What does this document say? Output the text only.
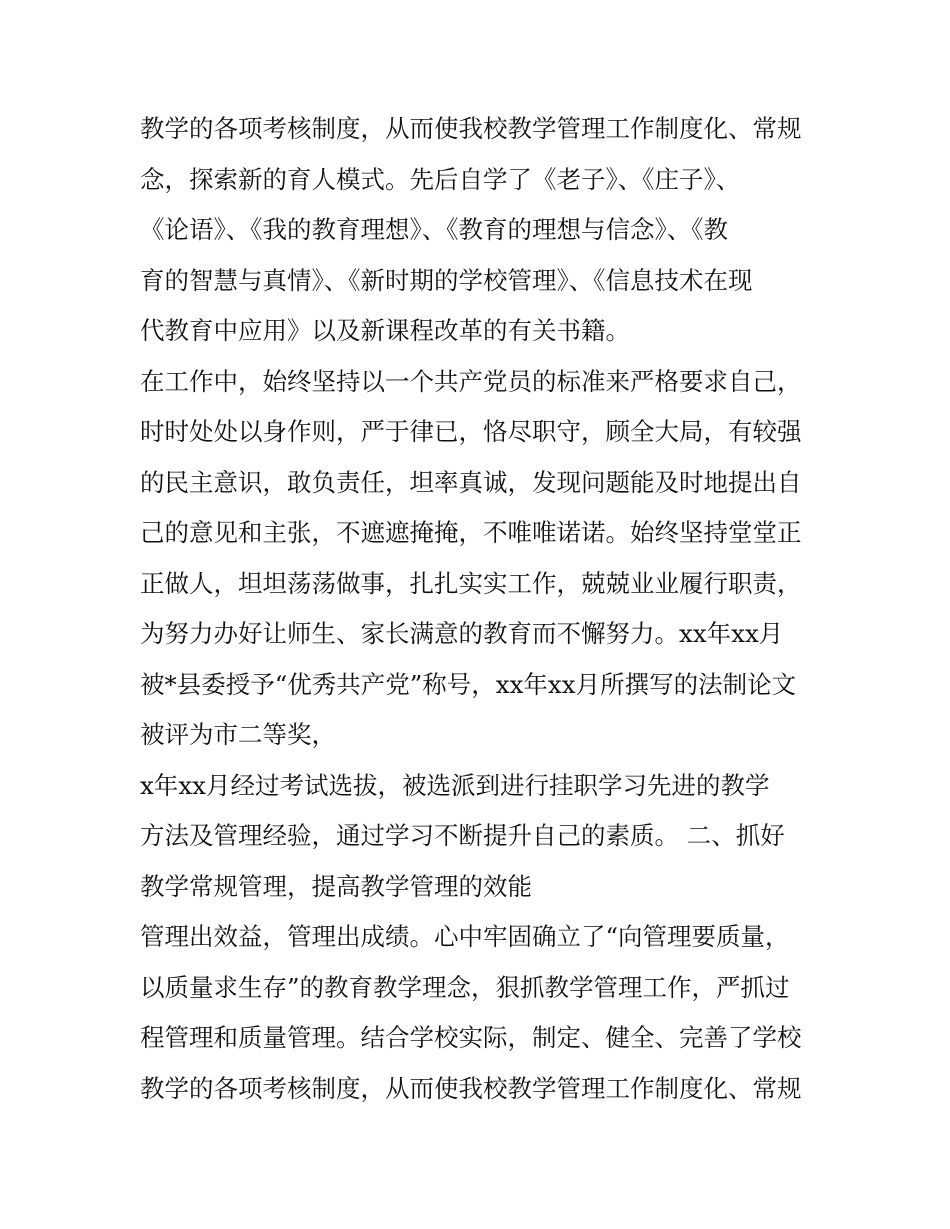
教学的各项考核制度，从而使我校教学管理工作制度化、常规
念，探索新的育人模式。先后自学了《老子》、《庄子》、
《论语》、《我的教育理想》、《教育的理想与信念》、《教
育的智慧与真情》、《新时期的学校管理》、《信息技术在现
代教育中应用》以及新课程改革的有关书籍。
在工作中，始终坚持以一个共产党员的标准来严格要求自己，
时时处处以身作则，严于律已，恪尽职守，顾全大局，有较强
的民主意识，敢负责任，坦率真诚，发现问题能及时地提出自
己的意见和主张，不遮遮掩掩，不唯唯诺诺。始终坚持堂堂正
正做人，坦坦荡荡做事，扎扎实实工作，兢兢业业履行职责，
为努力办好让师生、家长满意的教育而不懈努力。xx年xx月
被*县委授予“优秀共产党”称号，xx年xx月所撰写的法制论文
被评为市二等奖，
x年xx月经过考试选拔，被选派到进行挂职学习先进的教学
方法及管理经验，通过学习不断提升自己的素质。 二、抓好
教学常规管理，提高教学管理的效能
管理出效益，管理出成绩。心中牢固确立了“向管理要质量，
以质量求生存”的教育教学理念，狠抓教学管理工作，严抓过
程管理和质量管理。结合学校实际，制定、健全、完善了学校
教学的各项考核制度，从而使我校教学管理工作制度化、常规
